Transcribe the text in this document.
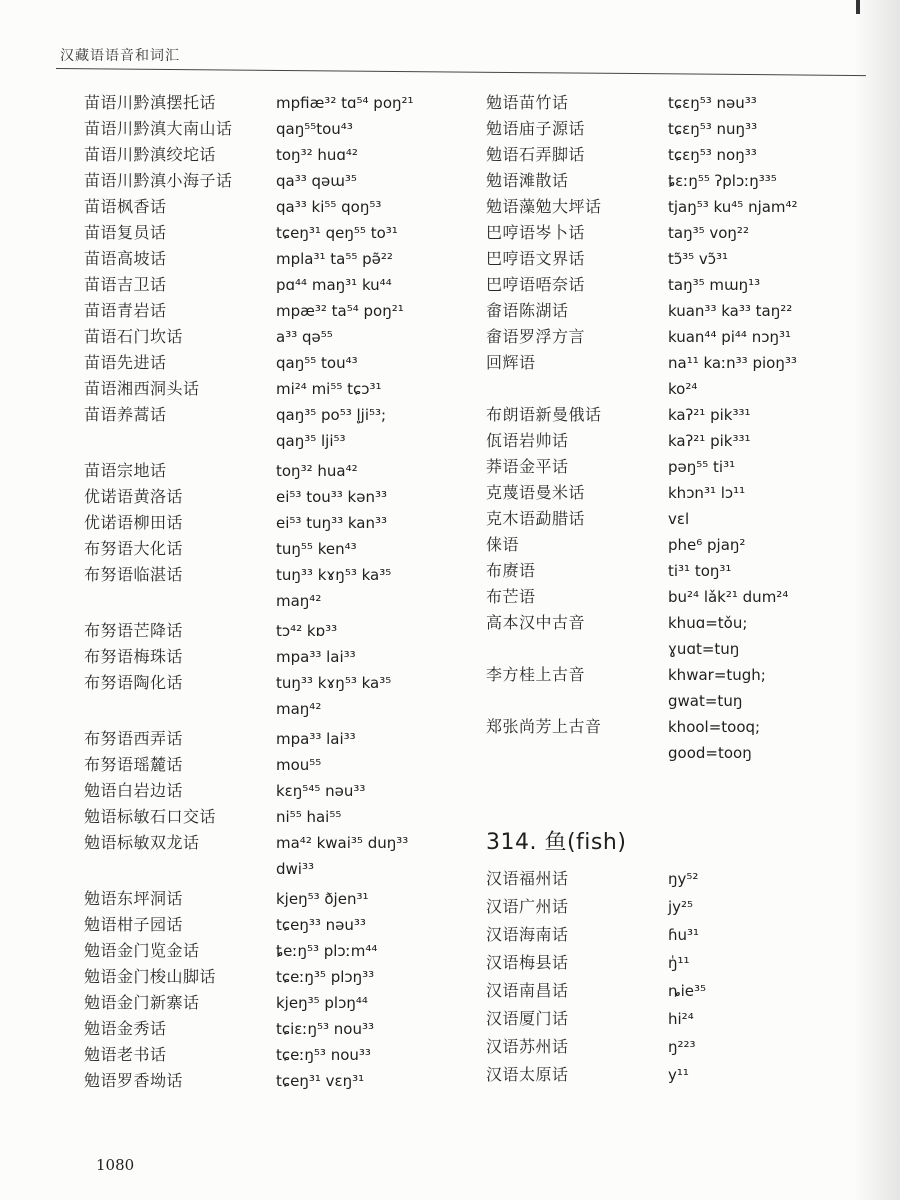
汉藏语语音和词汇
苗语川黔滇摆托话	mpfiæ³² tɑ⁵⁴ poŋ²¹
苗语川黔滇大南山话	qaŋ⁵⁵tou⁴³
苗语川黔滇绞坨话	toŋ³² huɑ⁴²
苗语川黔滇小海子话	qa³³ qəɯ³⁵
苗语枫香话	qa³³ ki⁵⁵ qoŋ⁵³
苗语复员话	tɕeŋ³¹ qeŋ⁵⁵ to³¹
苗语高坡话	mpla³¹ ta⁵⁵ pə̃²²
苗语吉卫话	pɑ⁴⁴ maŋ³¹ ku⁴⁴
苗语青岩话	mpæ³² ta⁵⁴ poŋ²¹
苗语石门坎话	a³³ qə⁵⁵
苗语先进话	qaŋ⁵⁵ tou⁴³
苗语湘西洞头话	mi²⁴ mi⁵⁵ tɕɔ³¹
苗语养蒿话	qaŋ³⁵ po⁵³ l̥ji⁵³;
qaŋ³⁵ lji⁵³
苗语宗地话	toŋ³² hua⁴²
优诺语黄洛话	ei⁵³ tou³³ kən³³
优诺语柳田话	ei⁵³ tuŋ³³ kan³³
布努语大化话	tuŋ⁵⁵ ken⁴³
布努语临湛话	tuŋ³³ kɤŋ⁵³ ka³⁵
maŋ⁴²
布努语芒降话	tɔ⁴² kɒ³³
布努语梅珠话	mpa³³ lai³³
布努语陶化话	tuŋ³³ kɤŋ⁵³ ka³⁵
maŋ⁴²
布努语西弄话	mpa³³ lai³³
布努语瑶麓话	mou⁵⁵
勉语白岩边话	kɛŋ⁵⁴⁵ nəu³³
勉语标敏石口交话	ni⁵⁵ hai⁵⁵
勉语标敏双龙话	ma⁴² kwai³⁵ duŋ³³
dwi³³
勉语东坪洞话	kjeŋ⁵³ ðjen³¹
勉语柑子园话	tɕeŋ³³ nəu³³
勉语金门览金话	ȶeːŋ⁵³ plɔːm⁴⁴
勉语金门梭山脚话	tɕeːŋ³⁵ plɔŋ³³
勉语金门新寨话	kjeŋ³⁵ plɔŋ⁴⁴
勉语金秀话	tɕiɛːŋ⁵³ nou³³
勉语老书话	tɕeːŋ⁵³ nou³³
勉语罗香坳话	tɕeŋ³¹ vɛŋ³¹
勉语苗竹话	tɕɛŋ⁵³ nəu³³
勉语庙子源话	tɕɛŋ⁵³ nuŋ³³
勉语石弄脚话	tɕɛŋ⁵³ noŋ³³
勉语滩散话	ȶɛːŋ⁵⁵ ʔplɔːŋ³³⁵
勉语藻勉大坪话	tjaŋ⁵³ ku⁴⁵ njam⁴²
巴哼语岑卜话	taŋ³⁵ voŋ²²
巴哼语文界话	tɔ̃³⁵ vɔ̃³¹
巴哼语唔奈话	taŋ³⁵ mɯŋ¹³
畲语陈湖话	kuan³³ ka³³ taŋ²²
畲语罗浮方言	kuan⁴⁴ pi⁴⁴ nɔŋ³¹
回辉语	na¹¹ kaːn³³ pioŋ³³
ko²⁴
布朗语新曼俄话	kaʔ²¹ pik³³¹
佤语岩帅话	kaʔ²¹ pik³³¹
莽语金平话	pəŋ⁵⁵ ti³¹
克蔑语曼米话	khɔn³¹ lɔ¹¹
克木语勐腊话	vɛl
俫语	phe⁶ pjaŋ²
布赓语	ti³¹ toŋ³¹
布芒语	bu²⁴ lǎk²¹ dum²⁴
高本汉中古音	khuɑ=tǒu;
ɣuɑt=tuŋ
李方桂上古音	khwar=tugh;
gwat=tuŋ
郑张尚芳上古音	khool=tooq;
good=tooŋ
314. 鱼(fish)
汉语福州话	ŋy⁵²
汉语广州话	jy²⁵
汉语海南话	ɦu³¹
汉语梅县话	ŋ̍¹¹
汉语南昌话	ȵie³⁵
汉语厦门话	hi²⁴
汉语苏州话	ŋ²²³
汉语太原话	y¹¹
1080
